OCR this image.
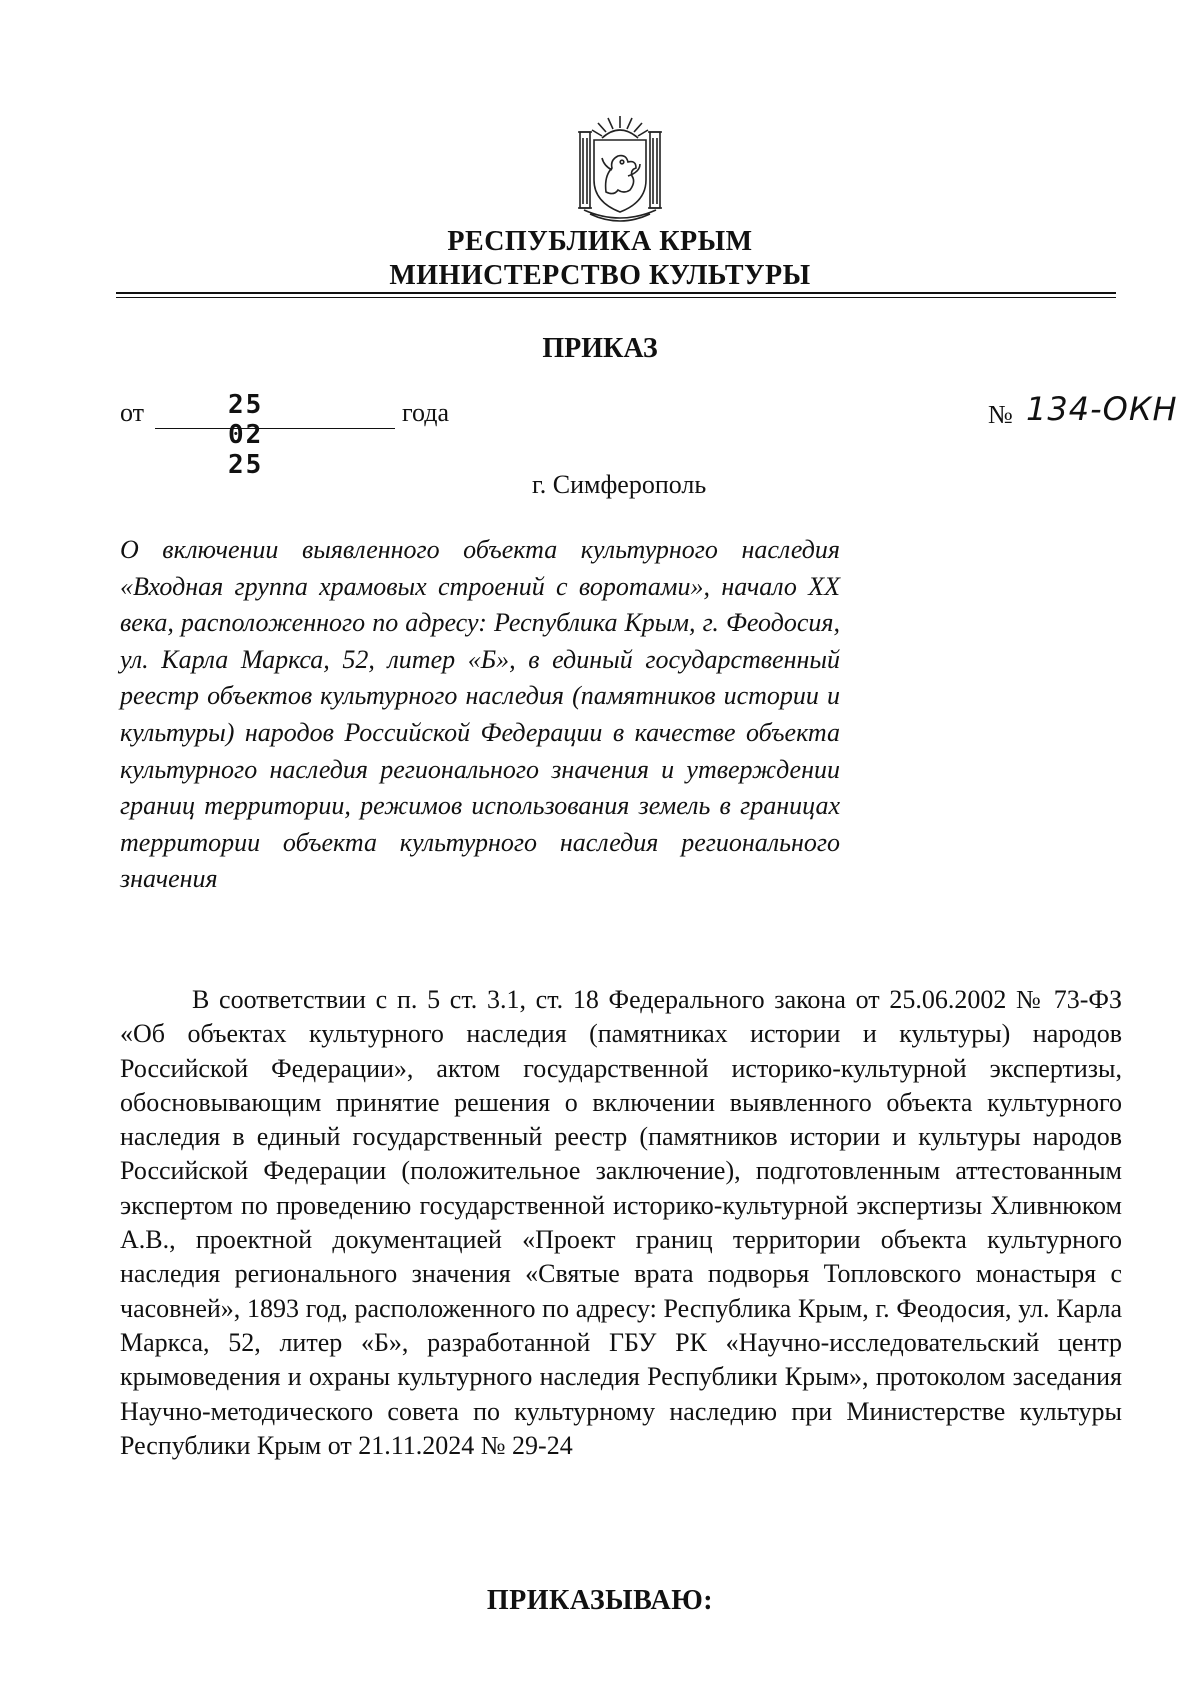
РЕСПУБЛИКА КРЫМ
МИНИСТЕРСТВО КУЛЬТУРЫ
ПРИКАЗ
от	25 02 25
года	№ 134-ОКН
г. Симферополь
О включении выявленного объекта культурного наследия «Входная группа храмовых строений с воротами», начало XX века, расположенного по адресу: Республика Крым, г. Феодосия, ул. Карла Маркса, 52, литер «Б», в единый государственный реестр объектов культурного наследия (памятников истории и культуры) народов Российской Федерации в качестве объекта культурного наследия регионального значения и утверждении границ территории, режимов использования земель в границах территории объекта культурного наследия регионального значения
В соответствии с п. 5 ст. 3.1, ст. 18 Федерального закона от 25.06.2002 № 73-ФЗ «Об объектах культурного наследия (памятниках истории и культуры) народов Российской Федерации», актом государственной историко-культурной экспертизы, обосновывающим принятие решения о включении выявленного объекта культурного наследия в единый государственный реестр (памятников истории и культуры народов Российской Федерации (положительное заключение), подготовленным аттестованным экспертом по проведению государственной историко-культурной экспертизы Хливнюком А.В., проектной документацией «Проект границ территории объекта культурного наследия регионального значения «Святые врата подворья Топловского монастыря с часовней», 1893 год, расположенного по адресу: Республика Крым, г. Феодосия, ул. Карла Маркса, 52, литер «Б», разработанной ГБУ РК «Научно-исследовательский центр крымоведения и охраны культурного наследия Республики Крым», протоколом заседания Научно-методического совета по культурному наследию при Министерстве культуры Республики Крым от 21.11.2024 № 29-24
ПРИКАЗЫВАЮ:
